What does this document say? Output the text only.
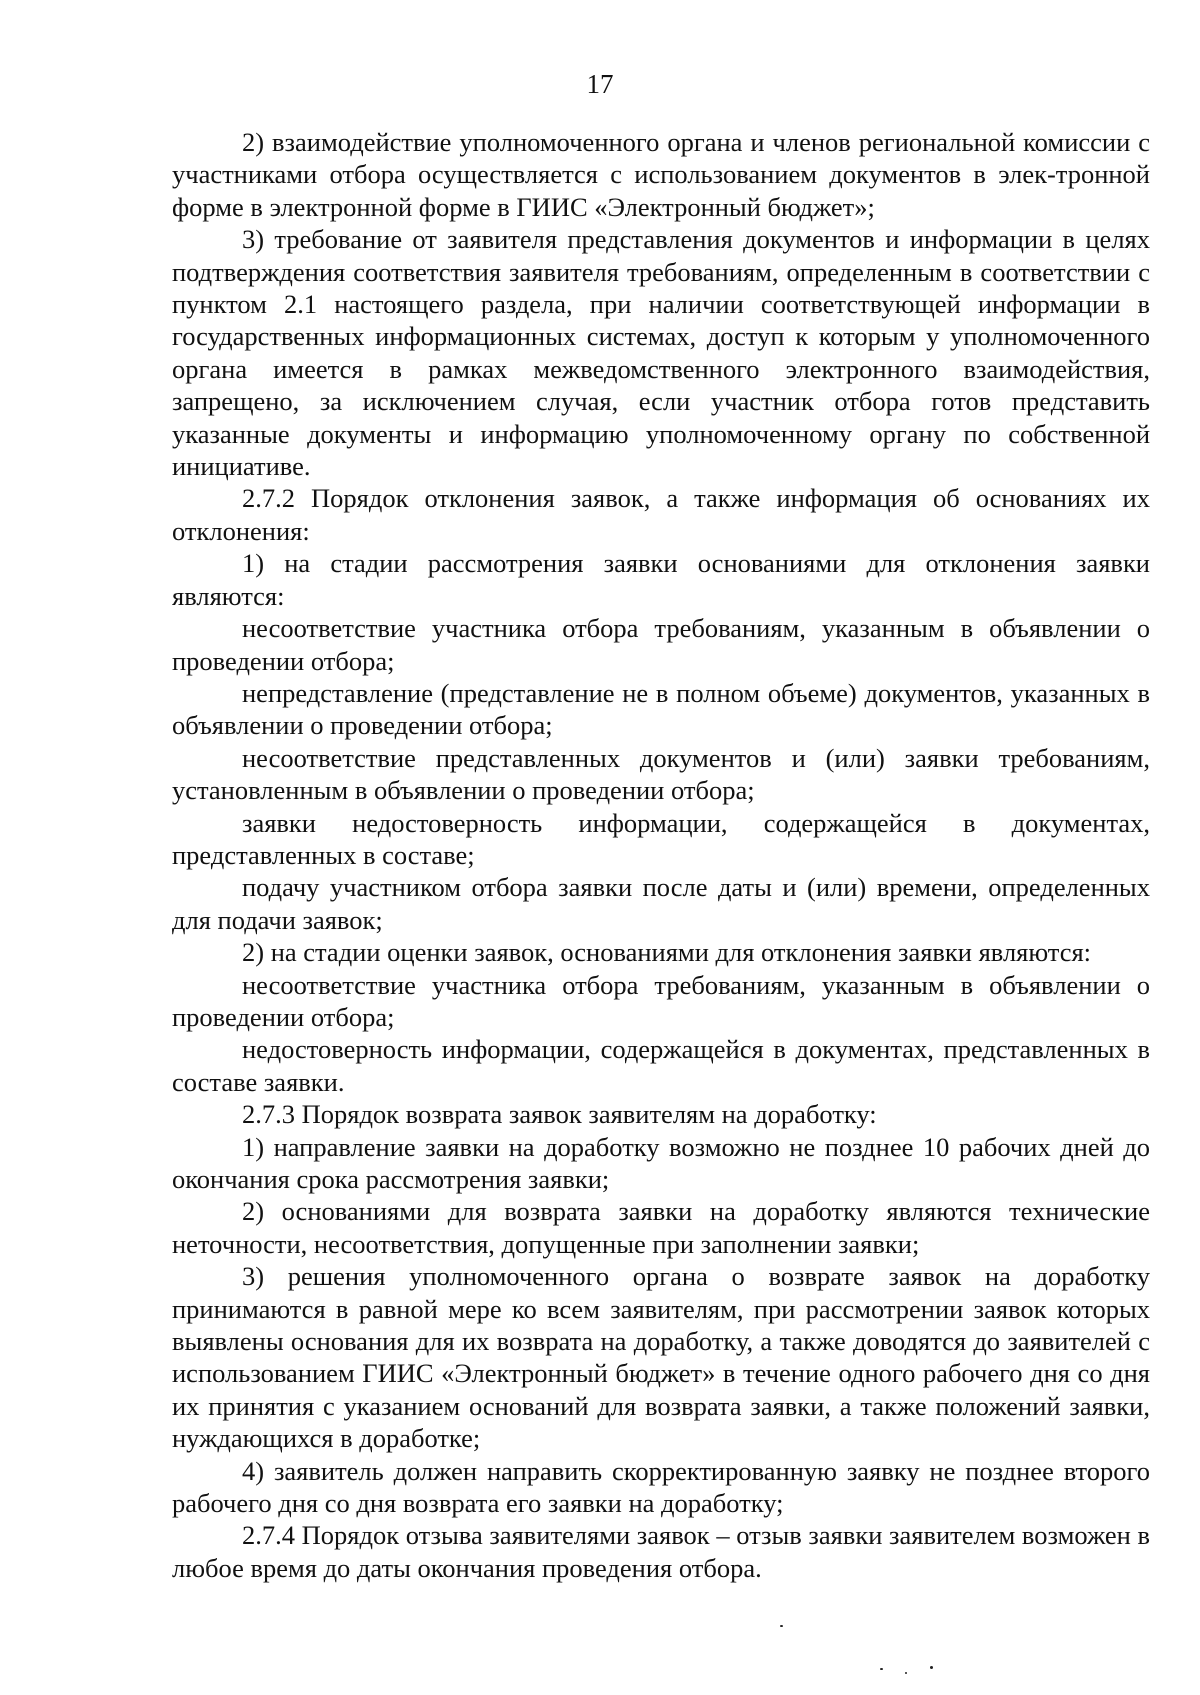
17

2) взаимодействие уполномоченного органа и членов региональной комиссии с участниками отбора осуществляется с использованием документов в элек-тронной форме в электронной форме в ГИИС «Электронный бюджет»;

3) требование от заявителя представления документов и информации в целях подтверждения соответствия заявителя требованиям, определенным в соответствии с пунктом 2.1 настоящего раздела, при наличии соответствующей информации в государственных информационных системах, доступ к которым у уполномоченного органа имеется в рамках межведомственного электронного взаимодействия, запрещено, за исключением случая, если участник отбора готов представить указанные документы и информацию уполномоченному органу по собственной инициативе.

2.7.2 Порядок отклонения заявок, а также информация об основаниях их отклонения:

1) на стадии рассмотрения заявки основаниями для отклонения заявки являются:

несоответствие участника отбора требованиям, указанным в объявлении о проведении отбора;

непредставление (представление не в полном объеме) документов, указанных в объявлении о проведении отбора;

несоответствие представленных документов и (или) заявки требованиям, установленным в объявлении о проведении отбора;

заявки недостоверность информации, содержащейся в документах, представленных в составе;

подачу участником отбора заявки после даты и (или) времени, определенных для подачи заявок;

2) на стадии оценки заявок, основаниями для отклонения заявки являются:

несоответствие участника отбора требованиям, указанным в объявлении о проведении отбора;

недостоверность информации, содержащейся в документах, представленных в составе заявки.

2.7.3 Порядок возврата заявок заявителям на доработку:

1) направление заявки на доработку возможно не позднее 10 рабочих дней до окончания срока рассмотрения заявки;

2) основаниями для возврата заявки на доработку являются технические неточности, несоответствия, допущенные при заполнении заявки;

3) решения уполномоченного органа о возврате заявок на доработку принимаются в равной мере ко всем заявителям, при рассмотрении заявок которых выявлены основания для их возврата на доработку, а также доводятся до заявителей с использованием ГИИС «Электронный бюджет» в течение одного рабочего дня со дня их принятия с указанием оснований для возврата заявки, а также положений заявки, нуждающихся в доработке;

4) заявитель должен направить скорректированную заявку не позднее второго рабочего дня со дня возврата его заявки на доработку;

2.7.4 Порядок отзыва заявителями заявок – отзыв заявки заявителем возможен в любое время до даты окончания проведения отбора.
